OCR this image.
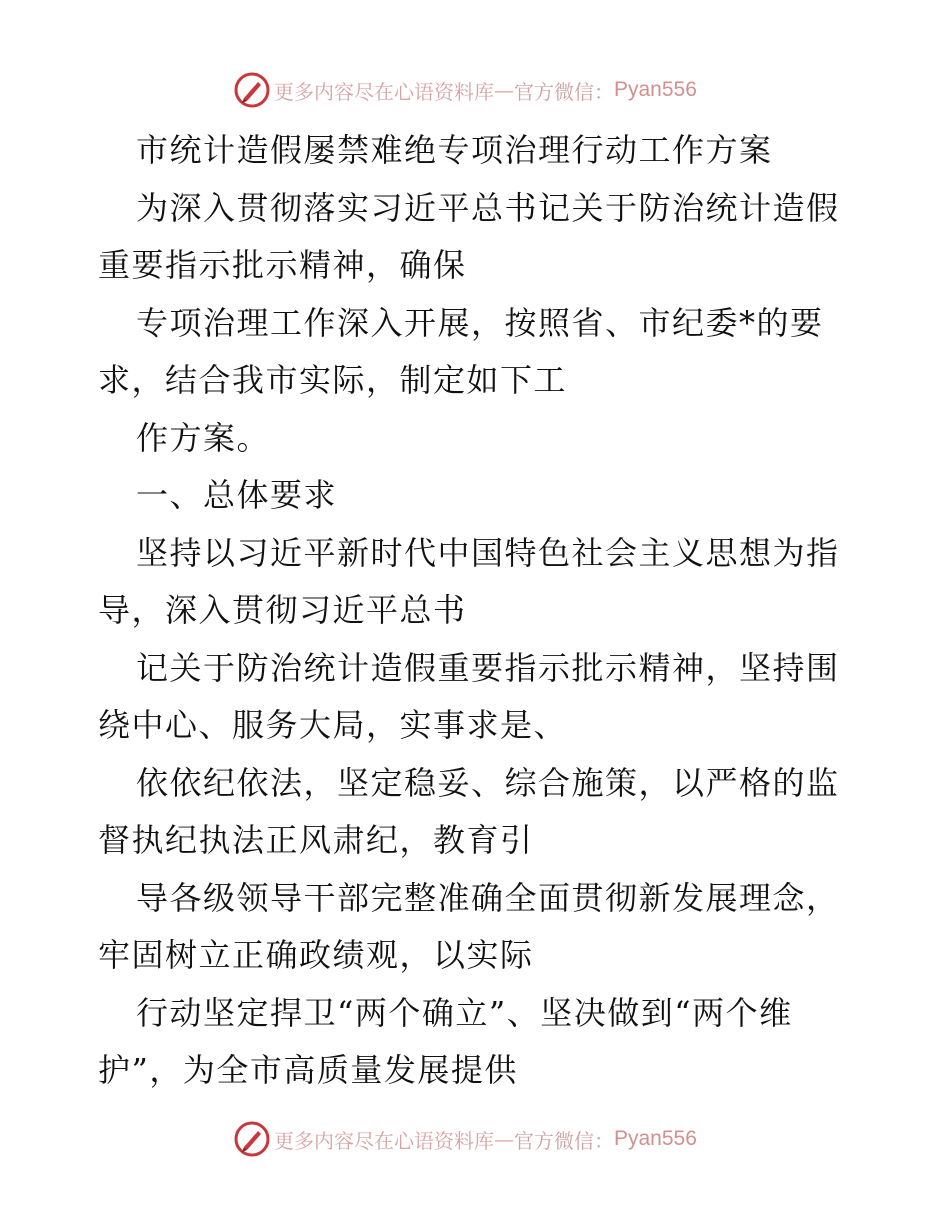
更多内容尽在心语资料库 — 官方微信： Pyan556
市统计造假屡禁难绝专项治理行动工作方案
为深入贯彻落实习近平总书记关于防治统计造假
重要指示批示精神，确保
专项治理工作深入开展，按照省、市纪委*的要
求，结合我市实际，制定如下工
作方案。
一、总体要求
坚持以习近平新时代中国特色社会主义思想为指
导，深入贯彻习近平总书
记关于防治统计造假重要指示批示精神，坚持围
绕中心、服务大局，实事求是、
依依纪依法，坚定稳妥、综合施策，以严格的监
督执纪执法正风肃纪，教育引
导各级领导干部完整准确全面贯彻新发展理念，
牢固树立正确政绩观，以实际
行动坚定捍卫“两个确立”、坚决做到“两个维
护”，为全市高质量发展提供
更多内容尽在心语资料库 — 官方微信： Pyan556
